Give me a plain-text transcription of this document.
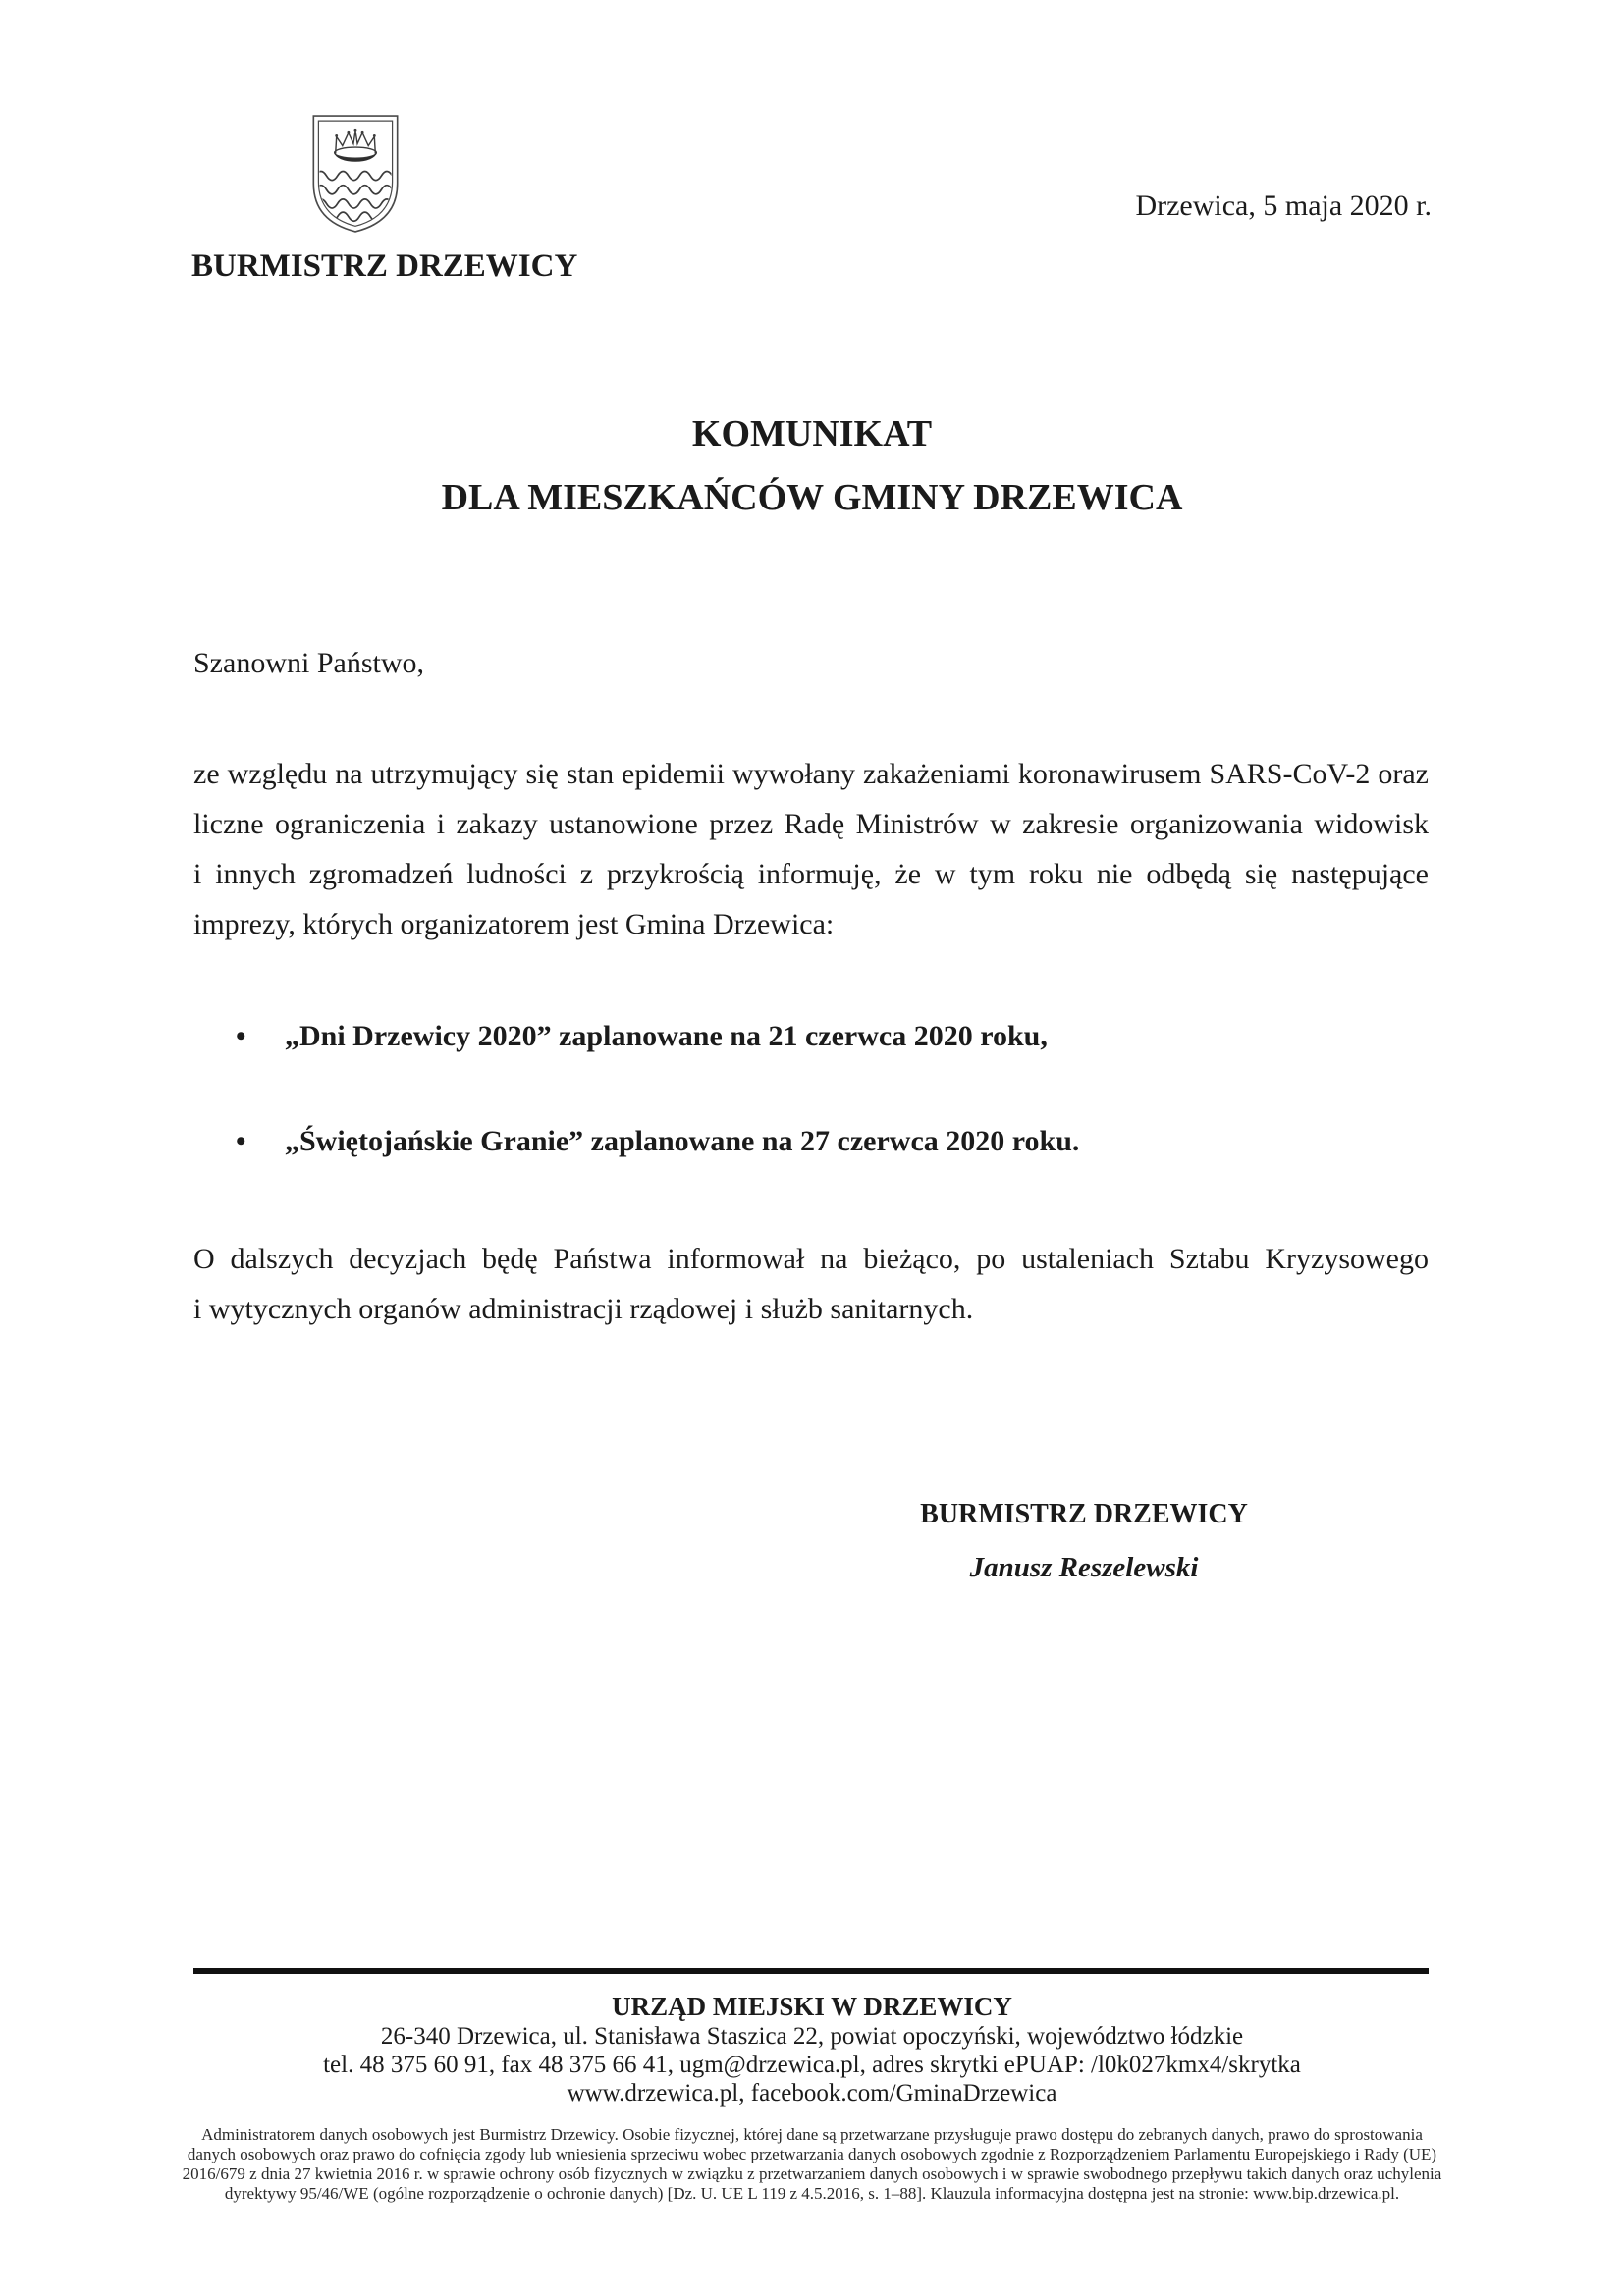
BURMISTRZ DRZEWICY
Drzewica, 5 maja 2020 r.
KOMUNIKAT
DLA MIESZKAŃCÓW GMINY DRZEWICA
Szanowni Państwo,
ze względu na utrzymujący się stan epidemii wywołany zakażeniami koronawirusem SARS-CoV-2 oraz
liczne ograniczenia i zakazy ustanowione przez Radę Ministrów w zakresie organizowania widowisk
i innych zgromadzeń ludności z przykrością informuję, że w tym roku nie odbędą się następujące
imprezy, których organizatorem jest Gmina Drzewica:
• „Dni Drzewicy 2020” zaplanowane na 21 czerwca 2020 roku,
• „Świętojańskie Granie” zaplanowane na 27 czerwca 2020 roku.
O dalszych decyzjach będę Państwa informował na bieżąco, po ustaleniach Sztabu Kryzysowego
i wytycznych organów administracji rządowej i służb sanitarnych.
BURMISTRZ DRZEWICY
Janusz Reszelewski
URZĄD MIEJSKI W DRZEWICY
26-340 Drzewica, ul. Stanisława Staszica 22, powiat opoczyński, województwo łódzkie
tel. 48 375 60 91, fax 48 375 66 41, ugm@drzewica.pl, adres skrytki ePUAP: /l0k027kmx4/skrytka
www.drzewica.pl, facebook.com/GminaDrzewica
Administratorem danych osobowych jest Burmistrz Drzewicy. Osobie fizycznej, której dane są przetwarzane przysługuje prawo dostępu do zebranych danych, prawo do sprostowania
danych osobowych oraz prawo do cofnięcia zgody lub wniesienia sprzeciwu wobec przetwarzania danych osobowych zgodnie z Rozporządzeniem Parlamentu Europejskiego i Rady (UE)
2016/679 z dnia 27 kwietnia 2016 r. w sprawie ochrony osób fizycznych w związku z przetwarzaniem danych osobowych i w sprawie swobodnego przepływu takich danych oraz uchylenia
dyrektywy 95/46/WE (ogólne rozporządzenie o ochronie danych) [Dz. U. UE L 119 z 4.5.2016, s. 1–88]. Klauzula informacyjna dostępna jest na stronie: www.bip.drzewica.pl.
